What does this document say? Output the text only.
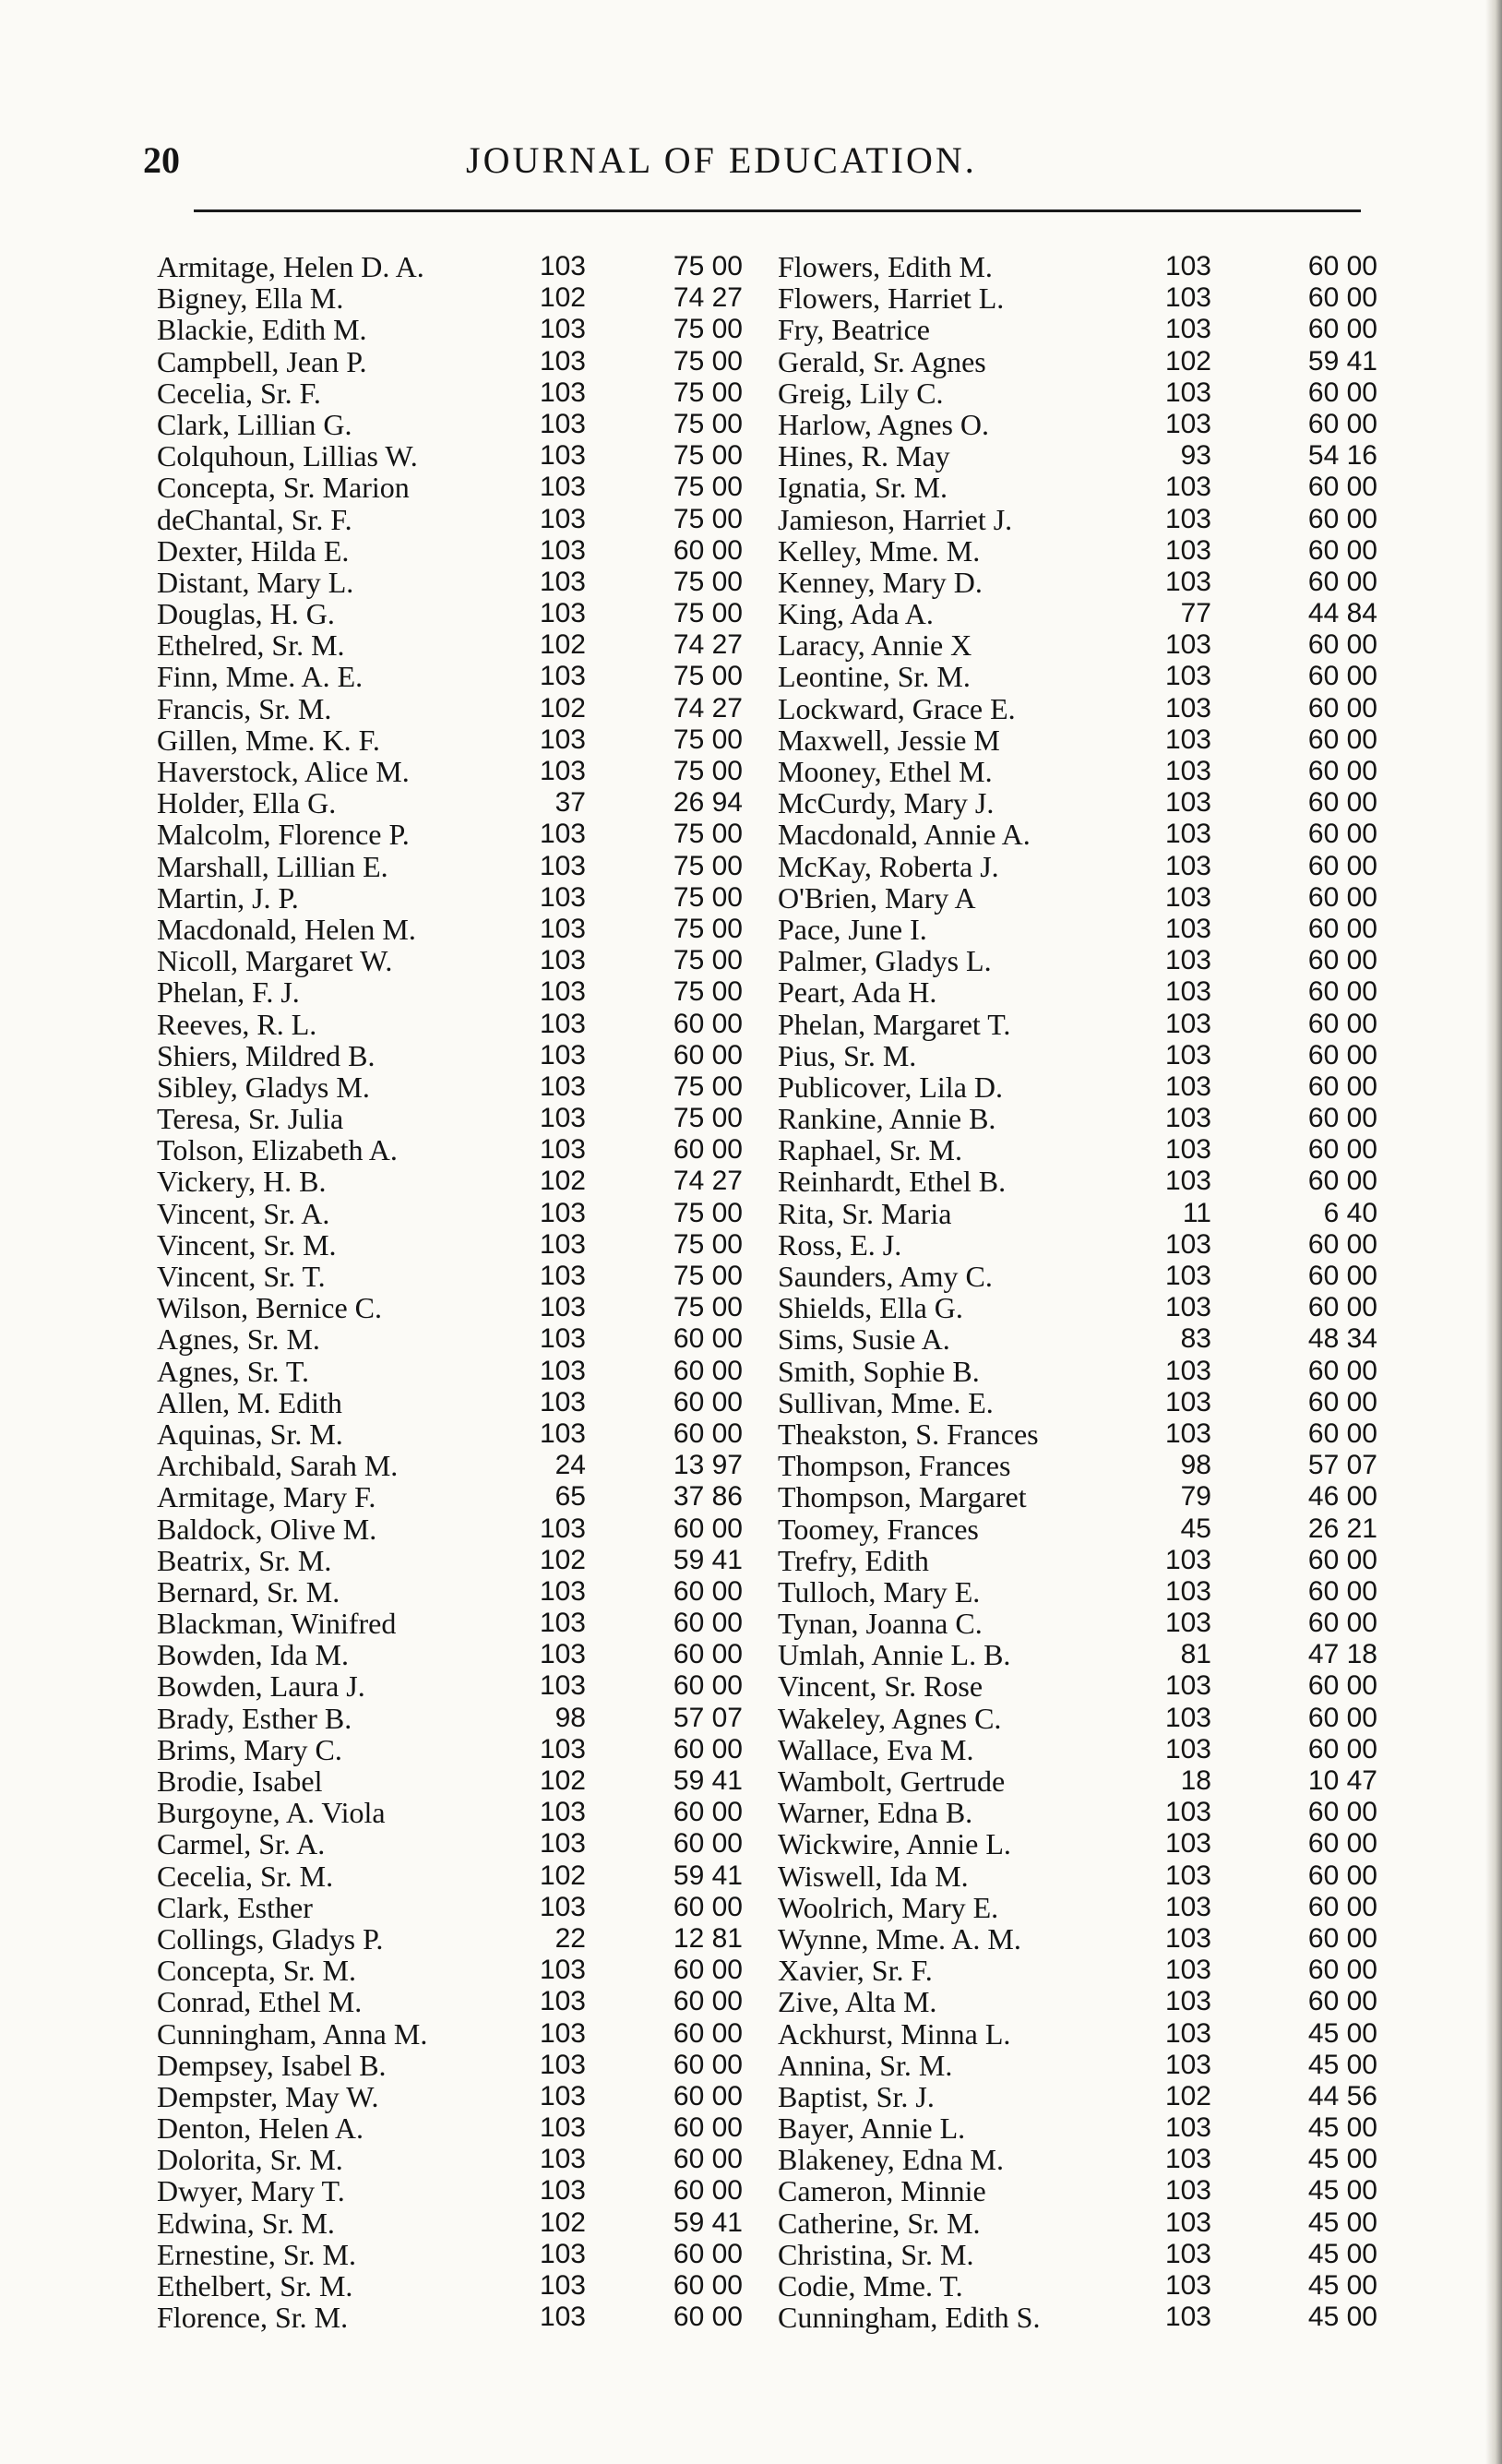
20	JOURNAL OF EDUCATION.
Armitage, Helen D. A.	103	75 00
Bigney, Ella M.	102	74 27
Blackie, Edith M.	103	75 00
Campbell, Jean P.	103	75 00
Cecelia, Sr. F.	103	75 00
Clark, Lillian G.	103	75 00
Colquhoun, Lillias W.	103	75 00
Concepta, Sr. Marion	103	75 00
deChantal, Sr. F.	103	75 00
Dexter, Hilda E.	103	60 00
Distant, Mary L.	103	75 00
Douglas, H. G.	103	75 00
Ethelred, Sr. M.	102	74 27
Finn, Mme. A. E.	103	75 00
Francis, Sr. M.	102	74 27
Gillen, Mme. K. F.	103	75 00
Haverstock, Alice M.	103	75 00
Holder, Ella G.	37	26 94
Malcolm, Florence P.	103	75 00
Marshall, Lillian E.	103	75 00
Martin, J. P.	103	75 00
Macdonald, Helen M.	103	75 00
Nicoll, Margaret W.	103	75 00
Phelan, F. J.	103	75 00
Reeves, R. L.	103	60 00
Shiers, Mildred B.	103	60 00
Sibley, Gladys M.	103	75 00
Teresa, Sr. Julia	103	75 00
Tolson, Elizabeth A.	103	60 00
Vickery, H. B.	102	74 27
Vincent, Sr. A.	103	75 00
Vincent, Sr. M.	103	75 00
Vincent, Sr. T.	103	75 00
Wilson, Bernice C.	103	75 00
Agnes, Sr. M.	103	60 00
Agnes, Sr. T.	103	60 00
Allen, M. Edith	103	60 00
Aquinas, Sr. M.	103	60 00
Archibald, Sarah M.	24	13 97
Armitage, Mary F.	65	37 86
Baldock, Olive M.	103	60 00
Beatrix, Sr. M.	102	59 41
Bernard, Sr. M.	103	60 00
Blackman, Winifred	103	60 00
Bowden, Ida M.	103	60 00
Bowden, Laura J.	103	60 00
Brady, Esther B.	98	57 07
Brims, Mary C.	103	60 00
Brodie, Isabel	102	59 41
Burgoyne, A. Viola	103	60 00
Carmel, Sr. A.	103	60 00
Cecelia, Sr. M.	102	59 41
Clark, Esther	103	60 00
Collings, Gladys P.	22	12 81
Concepta, Sr. M.	103	60 00
Conrad, Ethel M.	103	60 00
Cunningham, Anna M.	103	60 00
Dempsey, Isabel B.	103	60 00
Dempster, May W.	103	60 00
Denton, Helen A.	103	60 00
Dolorita, Sr. M.	103	60 00
Dwyer, Mary T.	103	60 00
Edwina, Sr. M.	102	59 41
Ernestine, Sr. M.	103	60 00
Ethelbert, Sr. M.	103	60 00
Florence, Sr. M.	103	60 00
Flowers, Edith M.	103	60 00
Flowers, Harriet L.	103	60 00
Fry, Beatrice	103	60 00
Gerald, Sr. Agnes	102	59 41
Greig, Lily C.	103	60 00
Harlow, Agnes O.	103	60 00
Hines, R. May	93	54 16
Ignatia, Sr. M.	103	60 00
Jamieson, Harriet J.	103	60 00
Kelley, Mme. M.	103	60 00
Kenney, Mary D.	103	60 00
King, Ada A.	77	44 84
Laracy, Annie X	103	60 00
Leontine, Sr. M.	103	60 00
Lockward, Grace E.	103	60 00
Maxwell, Jessie M	103	60 00
Mooney, Ethel M.	103	60 00
McCurdy, Mary J.	103	60 00
Macdonald, Annie A.	103	60 00
McKay, Roberta J.	103	60 00
O'Brien, Mary A	103	60 00
Pace, June I.	103	60 00
Palmer, Gladys L.	103	60 00
Peart, Ada H.	103	60 00
Phelan, Margaret T.	103	60 00
Pius, Sr. M.	103	60 00
Publicover, Lila D.	103	60 00
Rankine, Annie B.	103	60 00
Raphael, Sr. M.	103	60 00
Reinhardt, Ethel B.	103	60 00
Rita, Sr. Maria	11	6 40
Ross, E. J.	103	60 00
Saunders, Amy C.	103	60 00
Shields, Ella G.	103	60 00
Sims, Susie A.	83	48 34
Smith, Sophie B.	103	60 00
Sullivan, Mme. E.	103	60 00
Theakston, S. Frances	103	60 00
Thompson, Frances	98	57 07
Thompson, Margaret	79	46 00
Toomey, Frances	45	26 21
Trefry, Edith	103	60 00
Tulloch, Mary E.	103	60 00
Tynan, Joanna C.	103	60 00
Umlah, Annie L. B.	81	47 18
Vincent, Sr. Rose	103	60 00
Wakeley, Agnes C.	103	60 00
Wallace, Eva M.	103	60 00
Wambolt, Gertrude	18	10 47
Warner, Edna B.	103	60 00
Wickwire, Annie L.	103	60 00
Wiswell, Ida M.	103	60 00
Woolrich, Mary E.	103	60 00
Wynne, Mme. A. M.	103	60 00
Xavier, Sr. F.	103	60 00
Zive, Alta M.	103	60 00
Ackhurst, Minna L.	103	45 00
Annina, Sr. M.	103	45 00
Baptist, Sr. J.	102	44 56
Bayer, Annie L.	103	45 00
Blakeney, Edna M.	103	45 00
Cameron, Minnie	103	45 00
Catherine, Sr. M.	103	45 00
Christina, Sr. M.	103	45 00
Codie, Mme. T.	103	45 00
Cunningham, Edith S.	103	45 00
